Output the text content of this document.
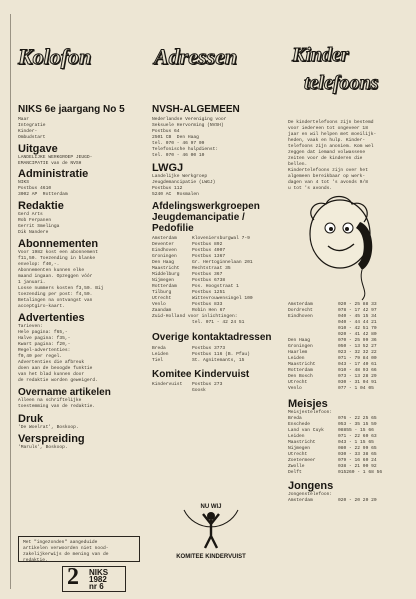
Kolofon	Adressen	Kinder
telefoons
NIKS 6e jaargang No 5
Maar
Integratie
Kinder-
Ombudstart
Uitgave
LANDELIJKE WERKGROEP JEUGD-
EMANCIPATIE van de NVSH
Administratie
NIKS
Postbus 4610
3002 AP  Rotterdam
Redaktie
Gerd Arts
Rob Ferpanen
Gerrit Smelinga
Dik Nandere
Abonnementen
Voor 1982 kost een abonnement
f11,50. Toezending in blanke
envelop: f40,-.
Abonnementen kunnen elke
maand ingaan. Opzeggen vóór
1 januari.
Losse nummers kosten f3,50. Bij
toezending per post: f4,50.
Betalingen na ontvangst van
acceptgiro-kaart.
Advertenties
Tarieven:
Hele pagina: f65,-
Halve pagina: f35,-
Kwart pagina: f20,-
Regel-advertenties:
f0,40 per regel.
Advertenties die afbreuk
doen aan de beoogde funktie
van het blad kunnen door
de redaktie worden geweigerd.
Overname artikelen
Alleen na schriftelijke
toestemming van de redaktie.
Druk
'De Woelrat', Boskoop.
Verspreiding
'Maruls', Boskoop.
Met "ingezonden" aangeduide
artikelen verwoorden niet nood-
zakelijkerwijs de mening van de
redaktie.
2 NIKS
1982
nr 6
NVSH-ALGEMEEN
Nederlandse Vereniging voor
Seksuele Hervorming (NVSH)
Postbus 64
2501 CB  Den Haag
tel. 070 - 46 97 09
Telefonische hulpdienst:
tel. 070 - 46 00 10
LWGJ
Landelijke Werkgroep
Jeugdemancipatie (LWGJ)
Postbus 112
5240 AC  Rosmalen
Afdelingswerkgroepen
Jeugdemancipatie /
Pedofilie
Amsterdam	Kloveniersburgwal 7-9
Deventer	Postbus 892
Eindhoven	Postbus 4007
Groningen	Postbus 1367
Den Haag	Gr. Hertoginnelaan 201
Maastricht	Rechtstraat 35
Middelburg	Postbus 367
Nijmegen	Postbus 6738
Rotterdam	Pos. Hoogstraat 1
Tilburg	Postbus 1251
Utrecht	Wittevrouwensingel 100
Venlo	Postbus 833
Zaandam	Robin Hen 67
Zuid-Holland voor inlichtingen:
tel. 071 - 42 24 51
Overige kontaktadressen
Breda	Postbus 3773
Leiden	Postbus 116 (B. Pfau)
Tiel	St. Agnitemants, 15
Komitee Kindervuist
Kindervuist	Postbus 273
Goosk
NU WIJ
KOMITEE KINDERVUIST
De kindertelefoons zijn bestemd
voor iedereen tot ongeveer 18
jaar en wil helpen met moeilijk-
heden, vaak en hulp. Kinder-
telefoons zijn anoniem. Kom wel
zeggen dat iemand volwassene
zeiten voor de kinderen die
bellen.
Kindertelefoons zijn over het
algemeen bereikbaar op werk-
dagen van 4 tot 's avonds 9/8
u tot 's avonds.
Amsterdam	020 - 25 88 33
Dordrecht	078 - 17 42 97
Eindhoven	040 - 45 15 34
040 - 44 44 21
010 - 42 51 70
020 - 41 42 80
Den Haag	070 - 25 99 36
Groningen	050 - 13 52 27
Haarlem	023 - 32 32 22
Leiden	071 - 79 84 00
Maastricht	043 - 17 40 61
Rotterdam	010 - 48 93 66
Den Bosch	073 - 13 28 29
Utrecht	030 - 31 04 91
Venlo	077 - 1 04 05
Meisjes
Meisjestelefoon:
Breda	076 - 22 25 65
Enschede	053 - 35 15 59
Land van Cuyk	08855 - 15 66
Leiden	071 - 22 60 63
Maastricht	043 - 1 15 65
Nijmegen	080 - 22 99 65
Utrecht	030 - 33 38 65
Zoetermeer	079 - 16 60 24
Zwolle	038 - 21 00 92
Delft	015260 - 1 68 56
Jongens
Jongenstelefoon:
Amsterdam	020 - 20 20 20
